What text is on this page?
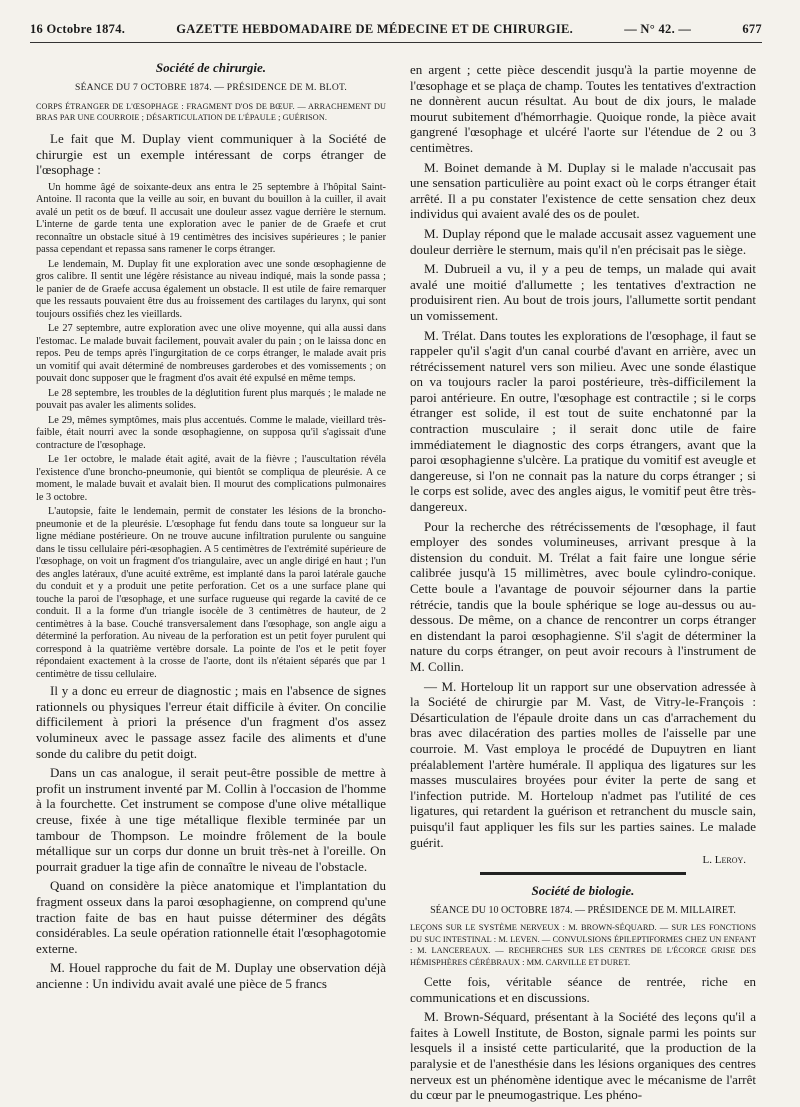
16 Octobre 1874.	GAZETTE HEBDOMADAIRE DE MÉDECINE ET DE CHIRURGIE.	— N° 42. —	677
Société de chirurgie.
SÉANCE DU 7 OCTOBRE 1874. — PRÉSIDENCE DE M. BLOT.
CORPS ÉTRANGER DE L'ŒSOPHAGE : FRAGMENT D'OS DE BŒUF. — ARRACHEMENT DU BRAS PAR UNE COURROIE ; DÉSARTICULATION DE L'ÉPAULE ; GUÉRISON.

Le fait que M. Duplay vient communiquer à la Société de chirurgie est un exemple intéressant de corps étranger de l'œsophage :

Un homme âgé de soixante-deux ans entra le 25 septembre à l'hôpital Saint-Antoine. Il raconta que la veille au soir, en buvant du bouillon à la cuiller, il avait avalé un petit os de bœuf. Il accusait une douleur assez vague derrière le sternum. L'interne de garde tenta une exploration avec le panier de de Graefe et crut reconnaître un obstacle situé à 19 centimètres des incisives supérieures ; le panier passa cependant et repassa sans ramener le corps étranger.

Le lendemain, M. Duplay fit une exploration avec une sonde œsophagienne de gros calibre. Il sentit une légère résistance au niveau indiqué, mais la sonde passa ; le panier de de Graefe accusa également un obstacle. Il est utile de faire remarquer que les ressauts pouvaient être dus au froissement des cartilages du larynx, qui sont toujours ossifiés chez les vieillards.

Le 27 septembre, autre exploration avec une olive moyenne, qui alla aussi dans l'estomac. Le malade buvait facilement, pouvait avaler du pain ; on le laissa donc en repos. Peu de temps après l'ingurgitation de ce corps étranger, le malade avait pris un vomitif qui avait déterminé de nombreuses garderobes et des vomissements ; on pouvait donc supposer que le fragment d'os avait été expulsé en même temps.

Le 28 septembre, les troubles de la déglutition furent plus marqués ; le malade ne pouvait pas avaler les aliments solides.

Le 29, mêmes symptômes, mais plus accentués. Comme le malade, vieillard très-faible, était nourri avec la sonde œsophagienne, on supposa qu'il s'agissait d'une contracture de l'œsophage.

Le 1er octobre, le malade était agité, avait de la fièvre ; l'auscultation révéla l'existence d'une broncho-pneumonie, qui bientôt se compliqua de pleurésie. A ce moment, le malade buvait et avalait bien. Il mourut des complications pulmonaires le 3 octobre.

L'autopsie, faite le lendemain, permit de constater les lésions de la broncho-pneumonie et de la pleurésie. L'œsophage fut fendu dans toute sa longueur sur la ligne médiane postérieure. On ne trouve aucune infiltration purulente ou sanguine dans le tissu cellulaire péri-œsophagien. A 5 centimètres de l'extrémité supérieure de l'œsophage, on voit un fragment d'os triangulaire, avec un angle dirigé en haut ; l'un des angles latéraux, d'une acuité extrême, est implanté dans la paroi latérale gauche du conduit et y a produit une petite perforation. Cet os a une surface plane qui touche la paroi de l'œsophage, et une surface rugueuse qui regarde la cavité de ce conduit. Il a la forme d'un triangle isocèle de 3 centimètres de hauteur, de 2 centimètres à la base. Couché transversalement dans l'œsophage, son angle aigu a déterminé la perforation. Au niveau de la perforation est un petit foyer purulent qui correspond à la quatrième vertèbre dorsale. La pointe de l'os et le petit foyer répondaient exactement à la crosse de l'aorte, dont ils n'étaient séparés que par 1 centimètre de tissu cellulaire.

Il y a donc eu erreur de diagnostic ; mais en l'absence de signes rationnels ou physiques l'erreur était difficile à éviter. On concilie difficilement à priori la présence d'un fragment d'os assez volumineux avec le passage assez facile des aliments et d'une sonde du calibre du petit doigt.

Dans un cas analogue, il serait peut-être possible de mettre à profit un instrument inventé par M. Collin à l'occasion de l'homme à la fourchette. Cet instrument se compose d'une olive métallique creuse, fixée à une tige métallique flexible terminée par un tambour de Thompson. Le moindre frôlement de la boule métallique sur un corps dur donne un bruit très-net à l'oreille. On pourrait graduer la tige afin de connaître le niveau de l'obstacle.

Quand on considère la pièce anatomique et l'implantation du fragment osseux dans la paroi œsophagienne, on comprend qu'une traction faite de bas en haut puisse déterminer des dégâts considérables. La seule opération rationnelle était l'œsophagotomie externe.

M. Houel rapproche du fait de M. Duplay une observation déjà ancienne : Un individu avait avalé une pièce de 5 francs

en argent ; cette pièce descendit jusqu'à la partie moyenne de l'œsophage et se plaça de champ. Toutes les tentatives d'extraction ne donnèrent aucun résultat. Au bout de dix jours, le malade mourut subitement d'hémorrhagie. Quoique ronde, la pièce avait gangrené l'œsophage et ulcéré l'aorte sur l'étendue de 2 ou 3 centimètres.

M. Boinet demande à M. Duplay si le malade n'accusait pas une sensation particulière au point exact où le corps étranger était arrêté. Il a pu constater l'existence de cette sensation chez deux individus qui avaient avalé des os de poulet.

M. Duplay répond que le malade accusait assez vaguement une douleur derrière le sternum, mais qu'il n'en précisait pas le siège.

M. Dubrueil a vu, il y a peu de temps, un malade qui avait avalé une moitié d'allumette ; les tentatives d'extraction ne produisirent rien. Au bout de trois jours, l'allumette sortit pendant un vomissement.

M. Trélat. Dans toutes les explorations de l'œsophage, il faut se rappeler qu'il s'agit d'un canal courbé d'avant en arrière, avec un rétrécissement naturel vers son milieu. Avec une sonde élastique on va toujours racler la paroi postérieure, très-difficilement la paroi antérieure. En outre, l'œsophage est contractile ; si le corps étranger est solide, il est tout de suite enchatonné par la contraction musculaire ; il serait donc utile de faire immédiatement le diagnostic des corps étrangers, avant que la paroi œsophagienne s'ulcère. La pratique du vomitif est aveugle et dangereuse, si l'on ne connait pas la nature du corps étranger ; si le corps est solide, avec des angles aigus, le vomitif peut être très-dangereux.

Pour la recherche des rétrécissements de l'œsophage, il faut employer des sondes volumineuses, arrivant presque à la distension du conduit. M. Trélat a fait faire une longue série calibrée jusqu'à 15 millimètres, avec boule cylindro-conique. Cette boule a l'avantage de pouvoir séjourner dans la partie rétrécie, tandis que la boule sphérique se loge au-dessus ou au-dessous. De même, on a chance de rencontrer un corps étranger en distendant la paroi œsophagienne. S'il s'agit de déterminer la nature du corps étranger, on peut avoir recours à l'instrument de M. Collin.

— M. Horteloup lit un rapport sur une observation adressée à la Société de chirurgie par M. Vast, de Vitry-le-François : Désarticulation de l'épaule droite dans un cas d'arrachement du bras avec dilacération des parties molles de l'aisselle par une courroie. M. Vast employa le procédé de Dupuytren en liant préalablement l'artère humérale. Il appliqua des ligatures sur les masses musculaires broyées pour éviter la perte de sang et l'infection putride. M. Horteloup n'admet pas l'utilité de ces ligatures, qui retardent la guérison et retranchent du muscle sain, puisqu'il faut appliquer les fils sur les parties saines. Le malade guérit.

L. Leroy.
Société de biologie.
SÉANCE DU 10 OCTOBRE 1874. — PRÉSIDENCE DE M. MILLAIRET.
LEÇONS SUR LE SYSTÈME NERVEUX : M. BROWN-SÉQUARD. — SUR LES FONCTIONS DU SUC INTESTINAL : M. LEVEN. — CONVULSIONS ÉPILEPTIFORMES CHEZ UN ENFANT : M. LANCEREAUX. — RECHERCHES SUR LES CENTRES DE L'ÉCORCE GRISE DES HÉMISPHÈRES CÉRÉBRAUX : MM. CARVILLE ET DURET.

Cette fois, véritable séance de rentrée, riche en communications et en discussions.

M. Brown-Séquard, présentant à la Société des leçons qu'il a faites à Lowell Institute, de Boston, signale parmi les points sur lesquels il a insisté cette particularité, que la production de la paralysie et de l'anesthésie dans les lésions organiques des centres nerveux est un phénomène identique avec le mécanisme de l'arrêt du cœur par le pneumogastrique. Les phéno-
